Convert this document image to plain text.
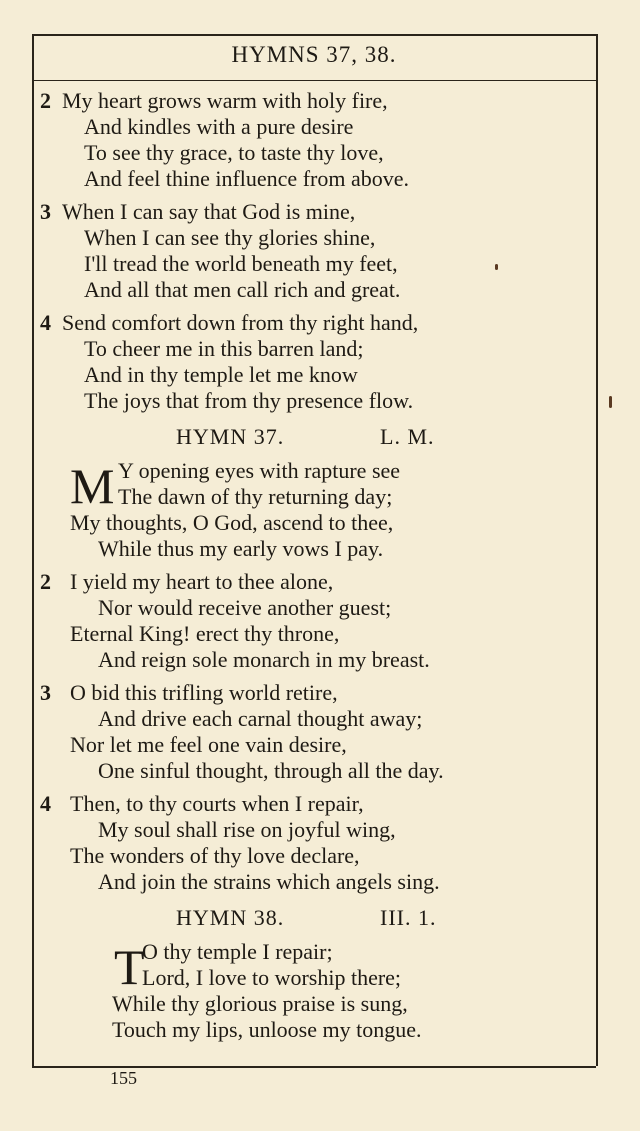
HYMNS 37, 38.
2 My heart grows warm with holy fire,
And kindles with a pure desire
To see thy grace, to taste thy love,
And feel thine influence from above.
3 When I can say that God is mine,
When I can see thy glories shine,
I'll tread the world beneath my feet,
And all that men call rich and great.
4 Send comfort down from thy right hand,
To cheer me in this barren land;
And in thy temple let me know
The joys that from thy presence flow.
HYMN 37.	L. M.
M Y opening eyes with rapture see
The dawn of thy returning day;
My thoughts, O God, ascend to thee,
While thus my early vows I pay.
2 I yield my heart to thee alone,
Nor would receive another guest;
Eternal King! erect thy throne,
And reign sole monarch in my breast.
3 O bid this trifling world retire,
And drive each carnal thought away;
Nor let me feel one vain desire,
One sinful thought, through all the day.
4 Then, to thy courts when I repair,
My soul shall rise on joyful wing,
The wonders of thy love declare,
And join the strains which angels sing.
HYMN 38.	III. 1.
T
O thy temple I repair;
Lord, I love to worship there;
While thy glorious praise is sung,
Touch my lips, unloose my tongue.
155
